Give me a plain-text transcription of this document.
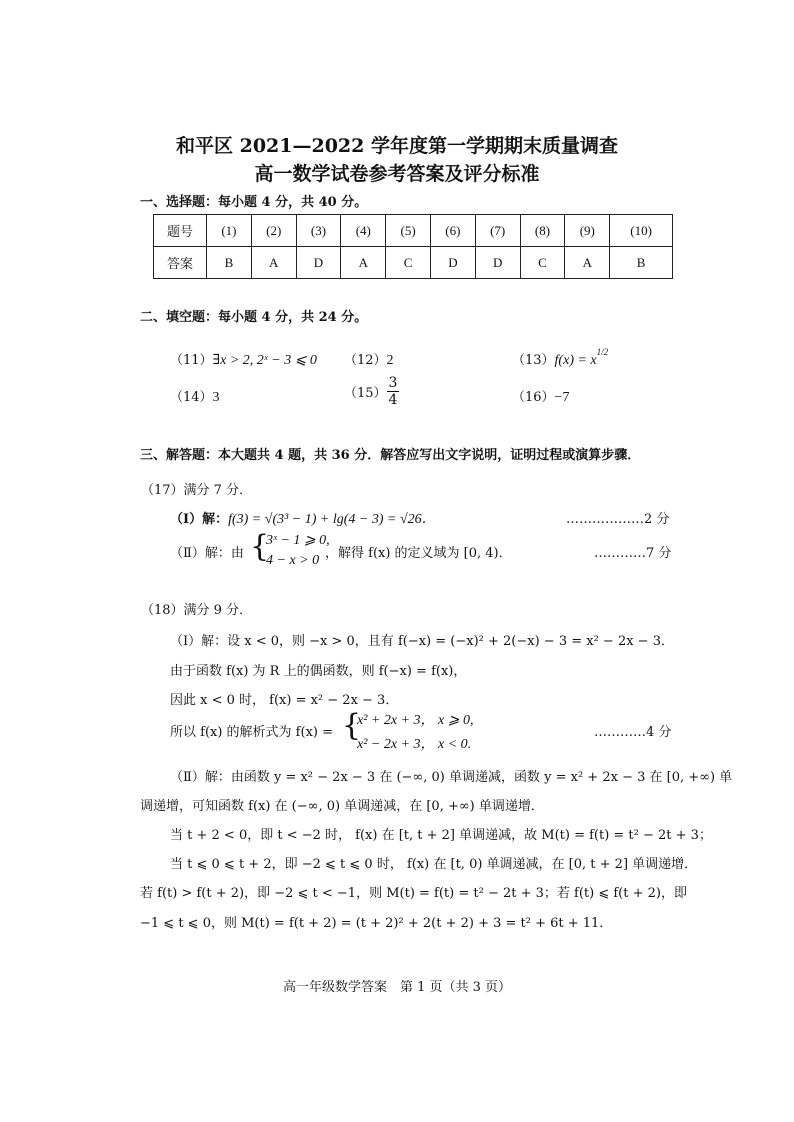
和平区 2021—2022 学年度第一学期期末质量调查
高一数学试卷参考答案及评分标准
一、选择题：每小题 4 分，共 40 分。
题号	(1)	(2)	(3)	(4)	(5)	(6)	(7)	(8)	(9)	(10)
答案	B	A	D	A	C	D	D	C	A	B
二、填空题：每小题 4 分，共 24 分。
（11）∃x > 2, 2ˣ − 3 ⩽ 0 （12）2	$(13)f(x) = x^{1/2}$
（14）3	$(15) \frac{3}{4}$	（16）−7
三、解答题：本大题共 4 题，共 36 分．解答应写出文字说明，证明过程或演算步骤．
（17）满分 7 分．
（Ⅰ）解：f(3) = √(3³ − 1) + lg(4 − 3) = √26．	………………2 分
（Ⅱ）解：由 {
3ˣ − 1 ⩾ 0,
4 − x > 0 ，解得 f(x) 的定义域为 [0, 4)．	…………7 分
（18）满分 9 分．
（Ⅰ）解：设 x < 0，则 −x > 0，且有 f(−x) = (−x)² + 2(−x) − 3 = x² − 2x − 3．
由于函数 f(x) 为 R 上的偶函数，则 f(−x) = f(x)，
因此 x < 0 时， f(x) = x² − 2x − 3．
所以 f(x) 的解析式为 f(x) = {
x² + 2x + 3， x ⩾ 0,
x² − 2x + 3， x < 0.
…………4 分
（Ⅱ）解：由函数 y = x² − 2x − 3 在 (−∞, 0) 单调递减，函数 y = x² + 2x − 3 在 [0, +∞) 单
调递增，可知函数 f(x) 在 (−∞, 0) 单调递减，在 [0, +∞) 单调递增．
当 t + 2 < 0，即 t < −2 时， f(x) 在 [t, t + 2] 单调递减，故 M(t) = f(t) = t² − 2t + 3；
当 t ⩽ 0 ⩽ t + 2，即 −2 ⩽ t ⩽ 0 时， f(x) 在 [t, 0) 单调递减，在 [0, t + 2] 单调递增．
若 f(t) > f(t + 2)，即 −2 ⩽ t < −1，则 M(t) = f(t) = t² − 2t + 3；若 f(t) ⩽ f(t + 2)，即
−1 ⩽ t ⩽ 0，则 M(t) = f(t + 2) = (t + 2)² + 2(t + 2) + 3 = t² + 6t + 11．
高一年级数学答案　第 1 页（共 3 页）
